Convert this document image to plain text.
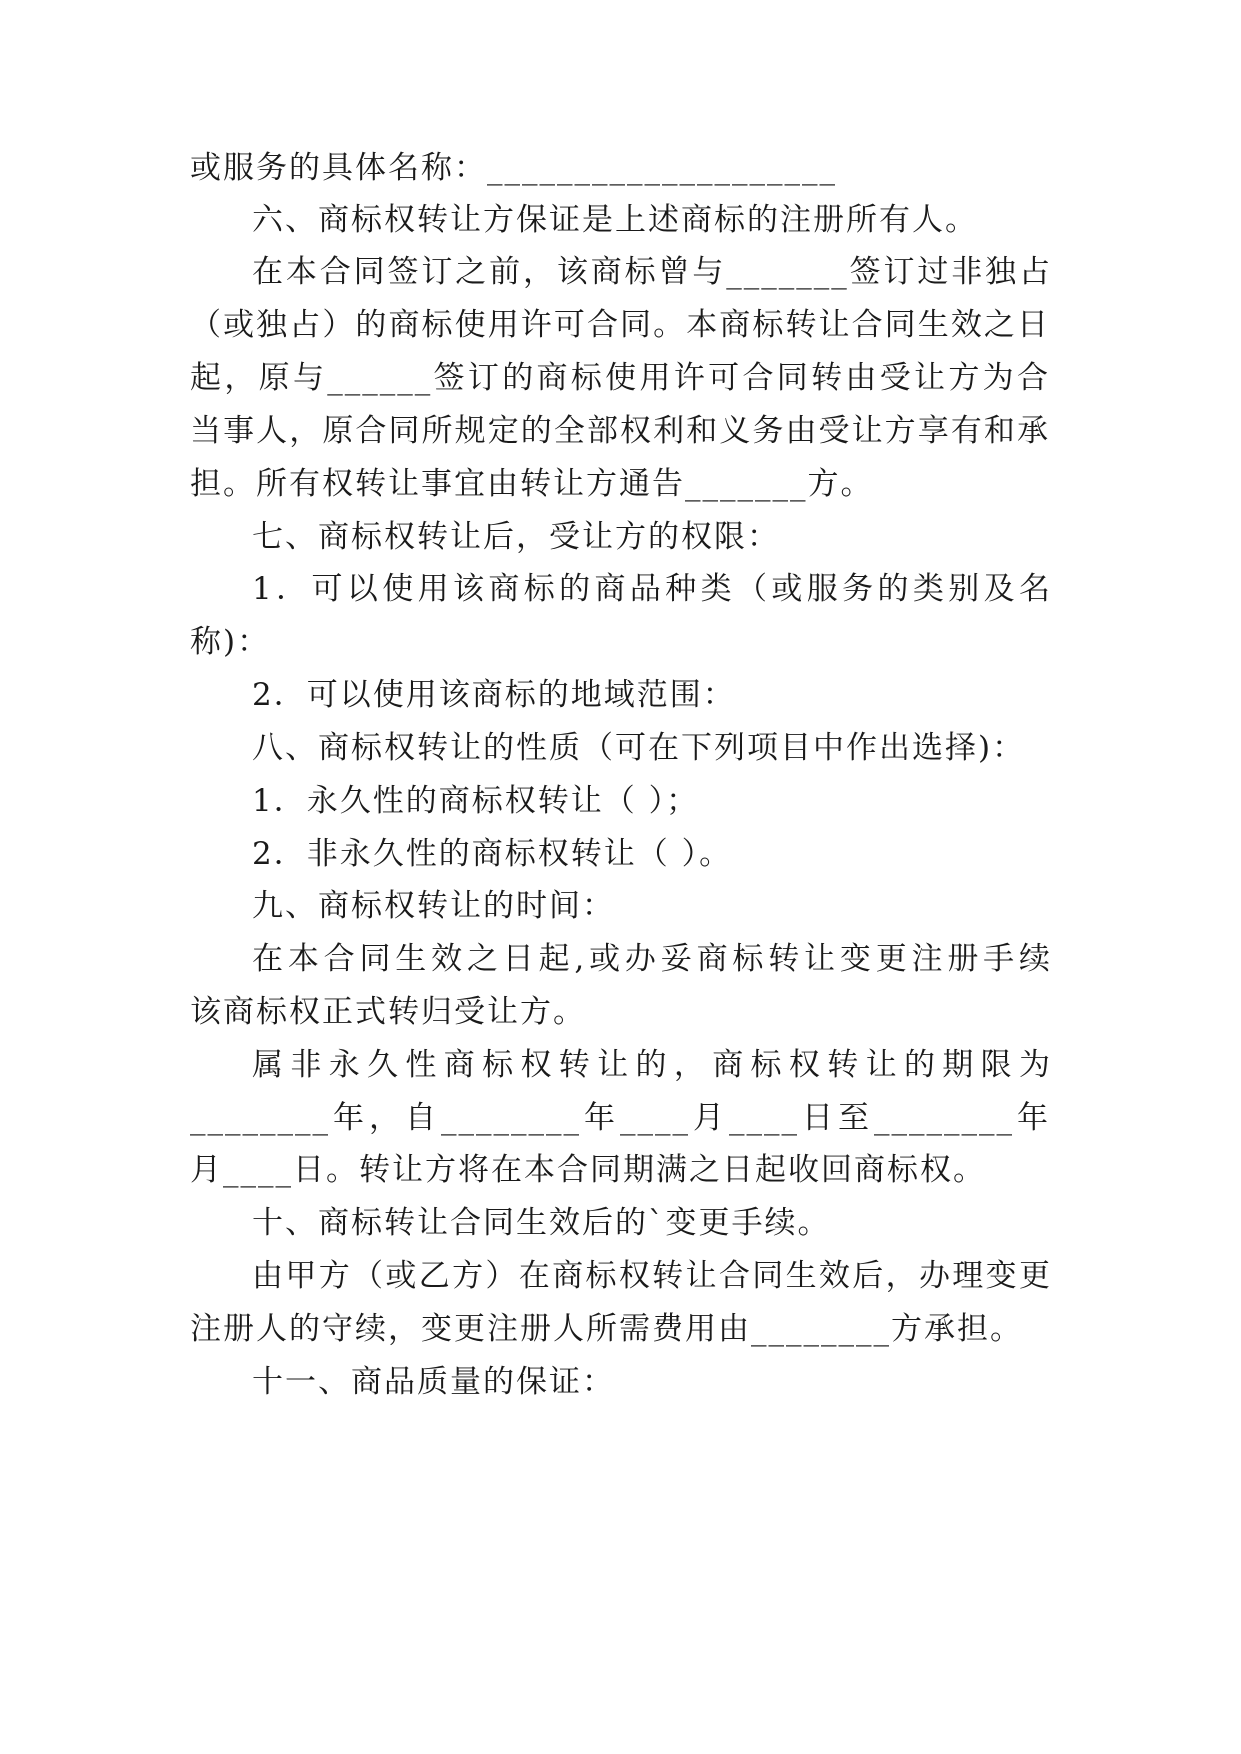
或服务的具体名称：____________________
六、商标权转让方保证是上述商标的注册所有人。
在本合同签订之前，该商标曾与_______签订过非独占
（或独占）的商标使用许可合同。本商标转让合同生效之日
起，原与______签订的商标使用许可合同转由受让方为合
当事人，原合同所规定的全部权利和义务由受让方享有和承
担。所有权转让事宜由转让方通告_______方。
七、商标权转让后，受让方的权限：
1．可以使用该商标的商品种类（或服务的类别及名
称)：
2．可以使用该商标的地域范围：
八、商标权转让的性质（可在下列项目中作出选择)：
1．永久性的商标权转让（ ）；
2．非永久性的商标权转让（ ）。
九、商标权转让的时间：
在本合同生效之日起,或办妥商标转让变更注册手续
该商标权正式转归受让方。
属非永久性商标权转让的，商标权转让的期限为
________年，自________年____月____日至________年
月____日。转让方将在本合同期满之日起收回商标权。
十、商标转让合同生效后的`变更手续。
由甲方（或乙方）在商标权转让合同生效后，办理变更
注册人的守续，变更注册人所需费用由________方承担。
十一、商品质量的保证：
